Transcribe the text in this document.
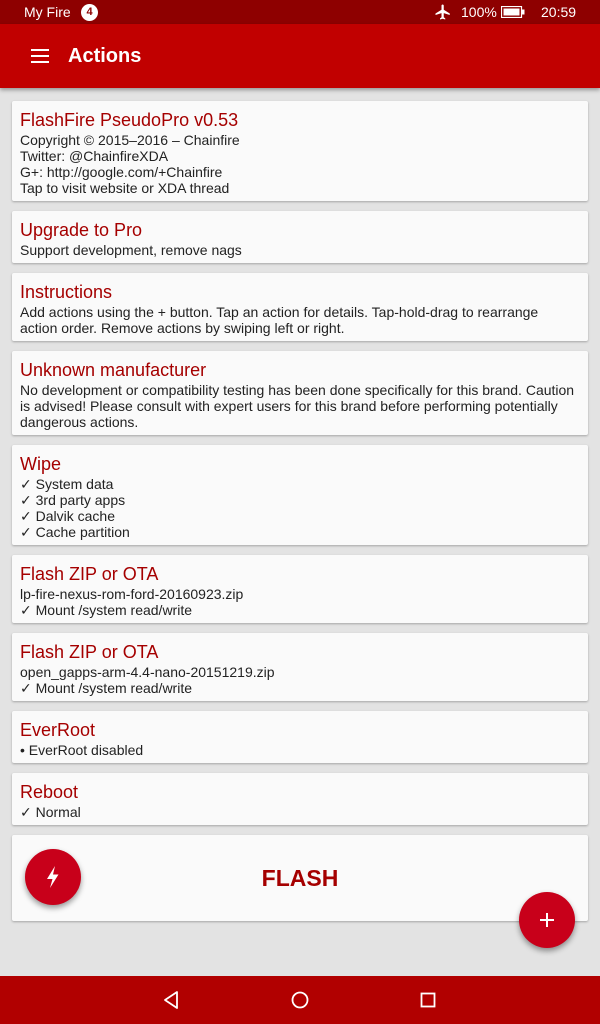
My Fire	4	100%	20:59
Actions
FlashFire PseudoPro v0.53
Copyright © 2015–2016 – Chainfire
Twitter: @ChainfireXDA
G+: http://google.com/+Chainfire
Tap to visit website or XDA thread
Upgrade to Pro
Support development, remove nags
Instructions
Add actions using the + button. Tap an action for details. Tap-hold-drag to rearrange
action order. Remove actions by swiping left or right.
Unknown manufacturer
No development or compatibility testing has been done specifically for this brand. Caution
is advised! Please consult with expert users for this brand before performing potentially
dangerous actions.
Wipe
✓ System data
✓ 3rd party apps
✓ Dalvik cache
✓ Cache partition
Flash ZIP or OTA
lp-fire-nexus-rom-ford-20160923.zip
✓ Mount /system read/write
Flash ZIP or OTA
open_gapps-arm-4.4-nano-20151219.zip
✓ Mount /system read/write
EverRoot
• EverRoot disabled
Reboot
✓ Normal
FLASH
